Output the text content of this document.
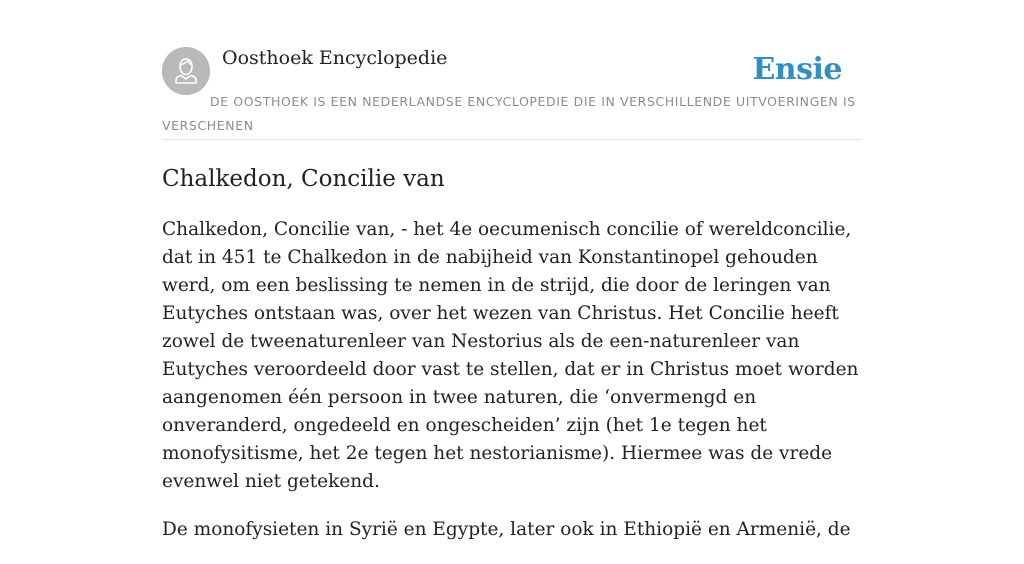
Oosthoek Encyclopedie	Ensie

DE OOSTHOEK IS EEN NEDERLANDSE ENCYCLOPEDIE DIE IN VERSCHILLENDE UITVOERINGEN IS VERSCHENEN

Chalkedon, Concilie van

Chalkedon, Concilie van, - het 4e oecumenisch concilie of wereldconcilie, dat in 451 te Chalkedon in de nabijheid van Konstantinopel gehouden werd, om een beslissing te nemen in de strijd, die door de leringen van Eutyches ontstaan was, over het wezen van Christus. Het Concilie heeft zowel de tweenaturenleer van Nestorius als de een-naturenleer van Eutyches veroordeeld door vast te stellen, dat er in Christus moet worden aangenomen één persoon in twee naturen, die ‘onvermengd en onveranderd, ongedeeld en ongescheiden’ zijn (het 1e tegen het monofysitisme, het 2e tegen het nestorianisme). Hiermee was de vrede evenwel niet getekend.

De monofysieten in Syrië en Egypte, later ook in Ethiopië en Armenië, de
